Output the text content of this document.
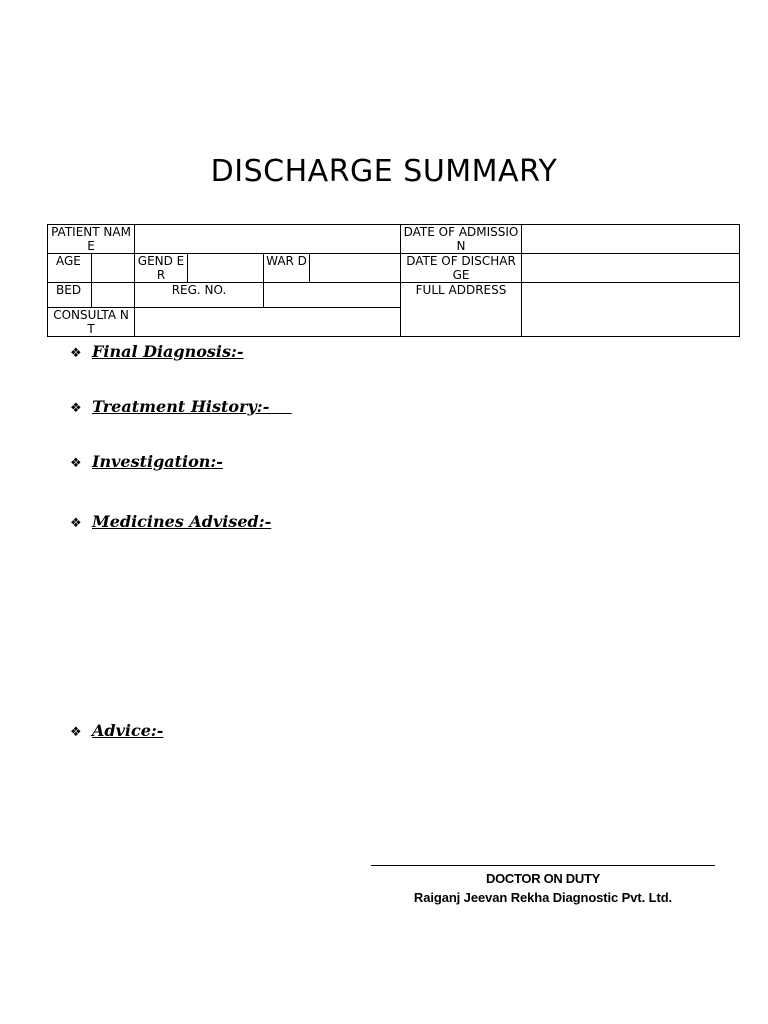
DISCHARGE SUMMARY
PATIENT NAME						DATE OF ADMISSION	
AGE		GEND ER		WAR D		DATE OF DISCHARGE	
BED		REG. NO.				FULL ADDRESS	
CONSULTA NT							
❖ Final Diagnosis:-
❖ Treatment History:-
❖ Investigation:-
❖ Medicines Advised:-
❖ Advice:-
DOCTOR ON DUTY
Raiganj Jeevan Rekha Diagnostic Pvt. Ltd.
